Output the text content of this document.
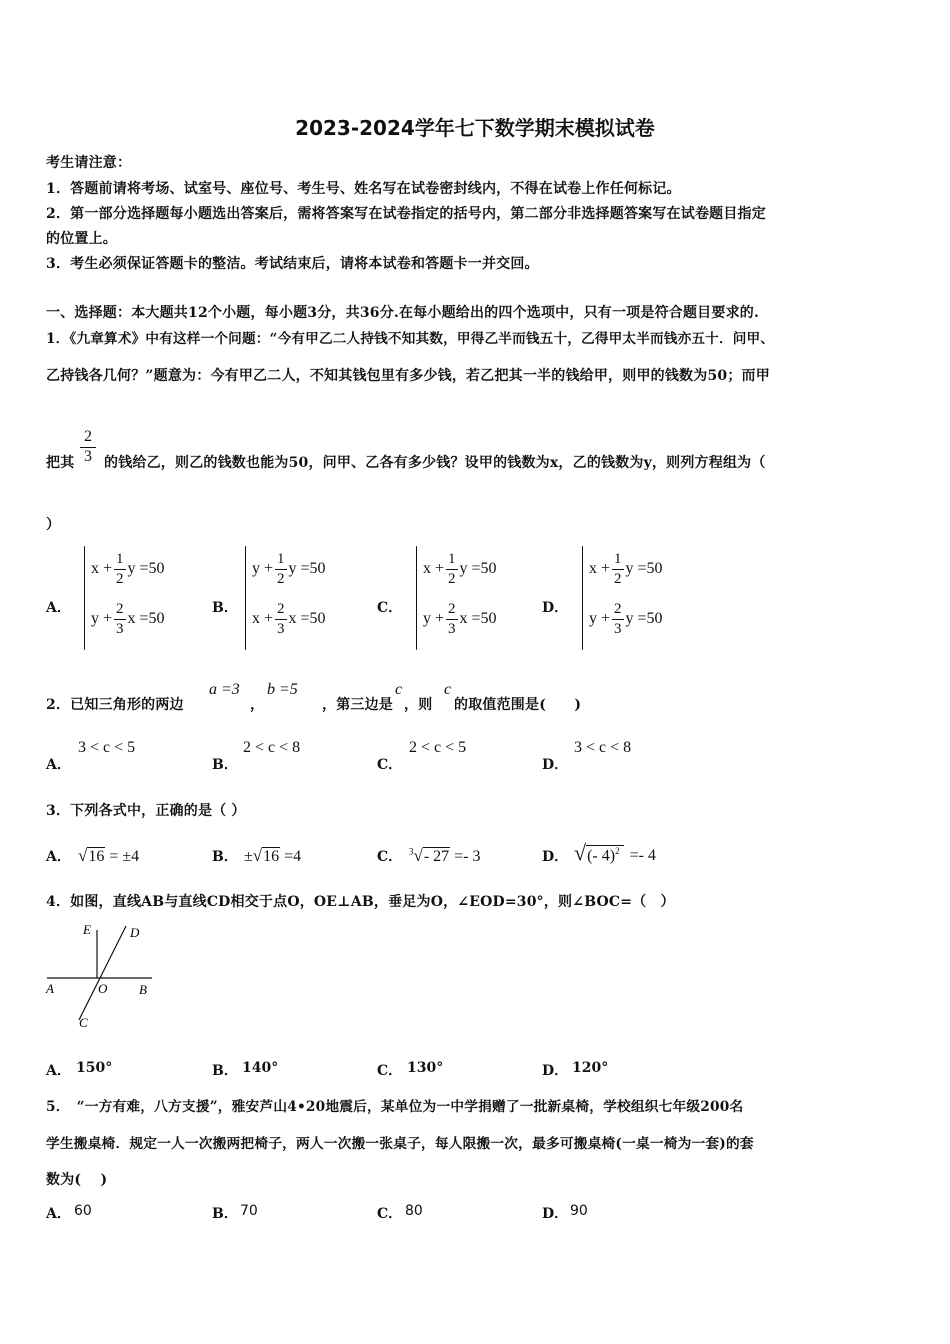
2023-2024学年七下数学期末模拟试卷
考生请注意：
1．答题前请将考场、试室号、座位号、考生号、姓名写在试卷密封线内，不得在试卷上作任何标记。
2．第一部分选择题每小题选出答案后，需将答案写在试卷指定的括号内，第二部分非选择题答案写在试卷题目指定
的位置上。
3．考生必须保证答题卡的整洁。考试结束后，请将本试卷和答题卡一并交回。
一、选择题：本大题共12个小题，每小题3分，共36分.在每小题给出的四个选项中，只有一项是符合题目要求的.
1．《九章算术》中有这样一个问题：“今有甲乙二人持钱不知其数，甲得乙半而钱五十，乙得甲太半而钱亦五十．问甲、
乙持钱各几何？”题意为：今有甲乙二人，不知其钱包里有多少钱，若乙把其一半的钱给甲，则甲的钱数为50；而甲
把其 $\frac{2}{3}$ 的钱给乙，则乙的钱数也能为50，问甲、乙各有多少钱？设甲的钱数为x，乙的钱数为y，则列方程组为（
）
A．
$x + \frac{1}{2}$ y =50
$y + \frac{2}{3}$ x =50
B．
$y + \frac{1}{2}$ y =50
$x + \frac{2}{3}$ x =50
C．
$x + \frac{1}{2}$ y =50
$y + \frac{2}{3}$ x =50
D．
$x + \frac{1}{2}$ y =50
$y + \frac{2}{3}$ y =50
2．已知三角形的两边
a =3
，
b =5
，第三边是
c
，则
c
的取值范围是(　　)
A．
3 < c < 5
B．
2 < c < 8
C．
2 < c < 5
D．
3 < c < 8
3．下列各式中，正确的是（ ）
A． √16 = ±4	B． ±√16 =4	C． $^3$√- 27 =- 3	D． √(- 4)$^2$ =- 4
4．如图，直线AB与直线CD相交于点O，OE⊥AB，垂足为O，∠EOD=30°，则∠BOC=（　）
E	D
A	O B
C
A． 150°	B． 140°	C． 130°	D． 120°
5．　“一方有难，八方支援”，雅安芦山4•20地震后，某单位为一中学捐赠了一批新桌椅，学校组织七年级200名
学生搬桌椅．规定一人一次搬两把椅子，两人一次搬一张桌子，每人限搬一次，最多可搬桌椅(一桌一椅为一套)的套
数为(　 )
A． 60	B． 70	C． 80	D． 90
